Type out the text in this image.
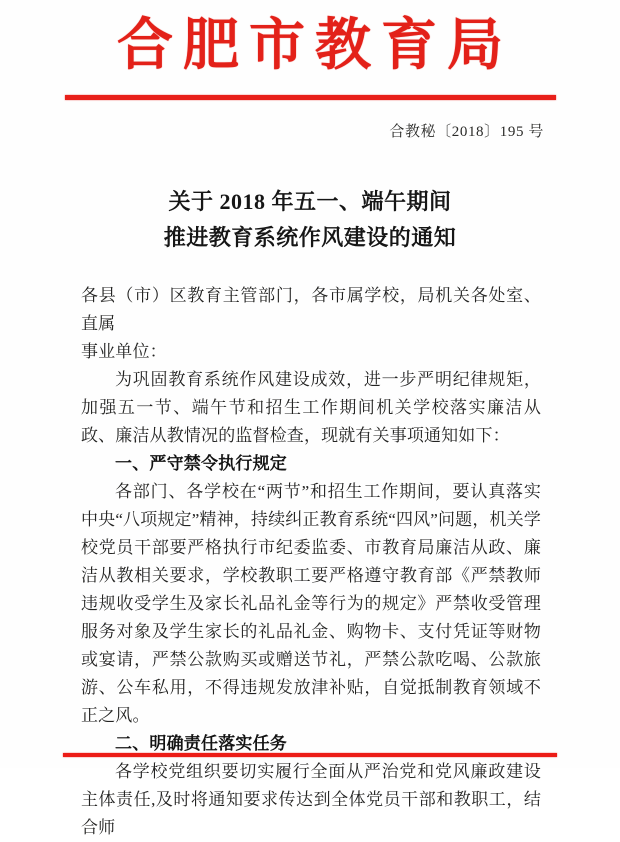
合肥市教育局
合教秘〔2018〕195 号
关于 2018 年五一、端午期间
推进教育系统作风建设的通知

各县（市）区教育主管部门，各市属学校，局机关各处室、直属

事业单位：

为巩固教育系统作风建设成效，进一步严明纪律规矩，加强五一节、端午节和招生工作期间机关学校落实廉洁从政、廉洁从教情况的监督检查，现就有关事项通知如下：

一、严守禁令执行规定

各部门、各学校在“两节”和招生工作期间，要认真落实中央“八项规定”精神，持续纠正教育系统“四风”问题，机关学校党员干部要严格执行市纪委监委、市教育局廉洁从政、廉洁从教相关要求，学校教职工要严格遵守教育部《严禁教师违规收受学生及家长礼品礼金等行为的规定》严禁收受管理服务对象及学生家长的礼品礼金、购物卡、支付凭证等财物或宴请，严禁公款购买或赠送节礼，严禁公款吃喝、公款旅游、公车私用，不得违规发放津补贴，自觉抵制教育领域不正之风。

二、明确责任落实任务

各学校党组织要切实履行全面从严治党和党风廉政建设主体责任,及时将通知要求传达到全体党员干部和教职工，结合师
